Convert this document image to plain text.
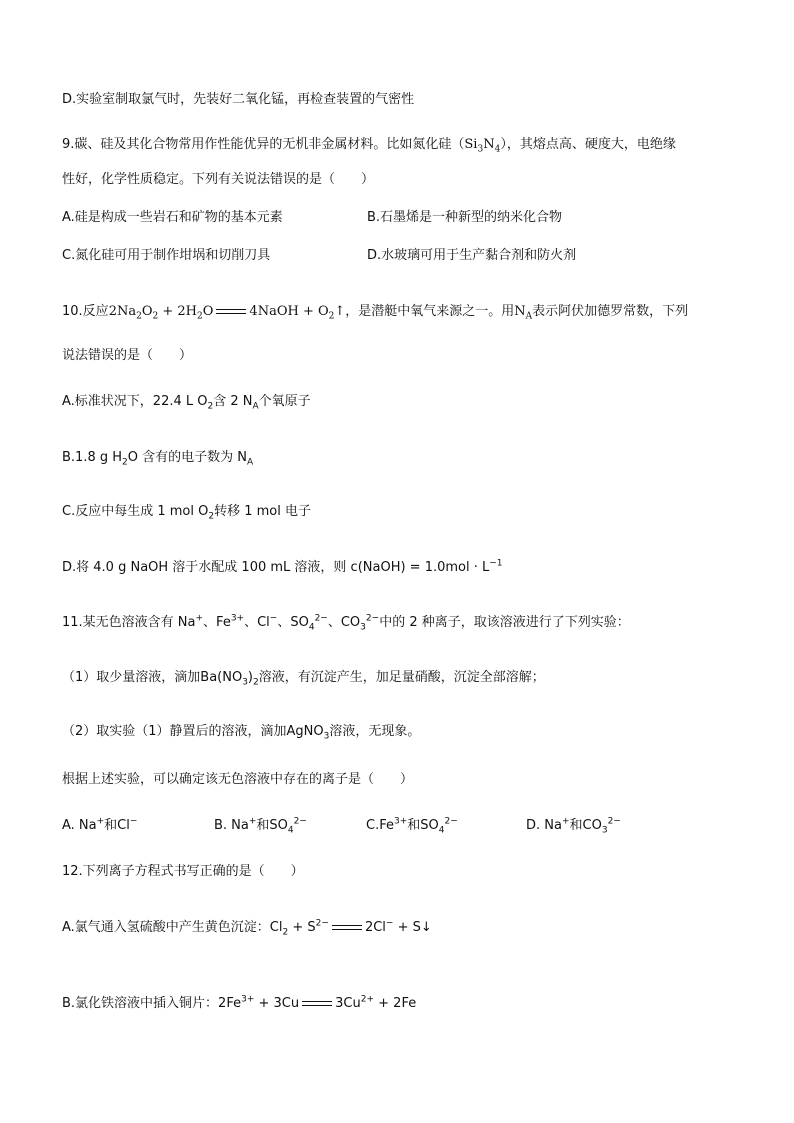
D.实验室制取氯气时，先装好二氧化锰，再检查装置的气密性
9.碳、硅及其化合物常用作性能优异的无机非金属材料。比如氮化硅$(Si_3N_4)$，其熔点高、硬度大，电绝缘
性好，化学性质稳定。下列有关说法错误的是（　　）
A.硅是构成一些岩石和矿物的基本元素	B.石墨烯是一种新型的纳米化合物
C.氮化硅可用于制作坩埚和切削刀具	D.水玻璃可用于生产黏合剂和防火剂
10.反应$2Na_2O_2 + 2H_2O$	4NaOH + $O_2↑$，是潜艇中氧气来源之一。用$N_A$表示阿伏加德罗常数，下列
说法错误的是（　　）
A.标准状况下，22.4 L $O_2$含 2 $N_A$个氧原子
B.1.8 g $H_2O$ 含有的电子数为 $N_A$
C.反应中每生成 1 mol $O_2$转移 1 mol 电子
D.将 4.0 g NaOH 溶于水配成 100 mL 溶液，则 c(NaOH) = $1.0mol \cdot L^{-1}$
11.某无色溶液含有 Na+、$Fe^{3+}$、Cl−、$SO_4^{2-}$、$CO_3^{2-}$中的 2 种离子，取该溶液进行了下列实验：
（1）取少量溶液，滴加$Ba(NO_3)_2$溶液，有沉淀产生，加足量硝酸，沉淀全部溶解；
（2）取实验（1）静置后的溶液，滴加AgNO$_3$溶液，无现象。
根据上述实验，可以确定该无色溶液中存在的离子是（　　）
A. Na+和Cl−	B. Na+和$SO_4^{2-}$	$C.Fe^{3+}$和$SO_4^{2-}$	D. Na+和$CO_3^{2-}$
12.下列离子方程式书写正确的是（　　）
A.氯气通入氢硫酸中产生黄色沉淀：$Cl_2 + S^{2-}$	2Cl− + S↓
B.氯化铁溶液中插入铜片：$2Fe^{3+} + 3Cu$	$3Cu^{2+} + 2Fe$
